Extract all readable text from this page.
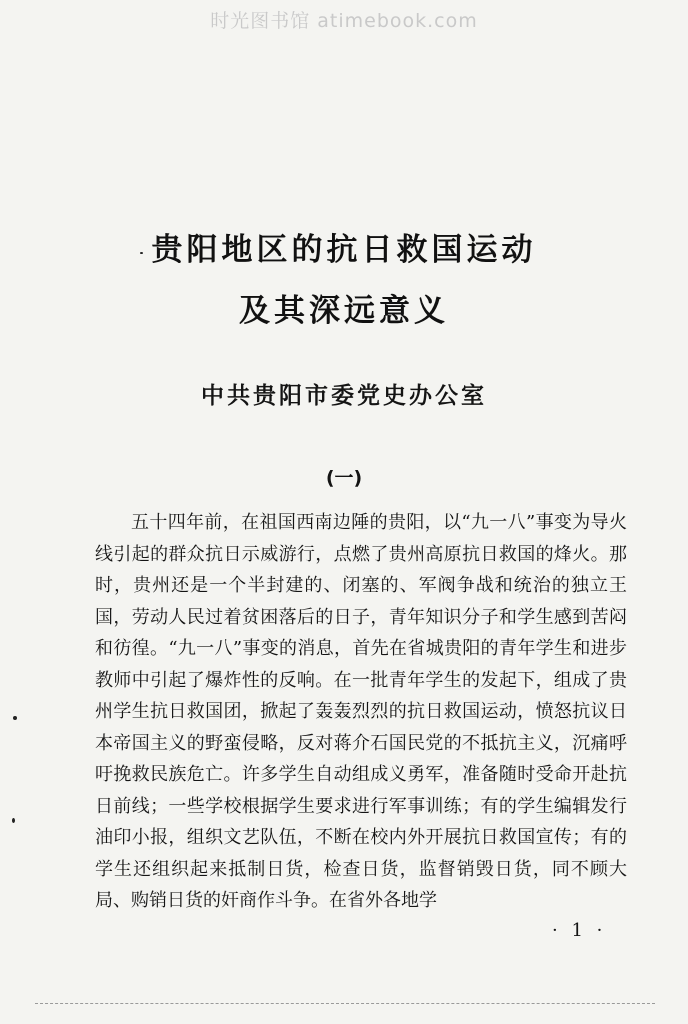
时光图书馆 atimebook.com
贵阳地区的抗日救国运动
及其深远意义
中共贵阳市委党史办公室
(一)

五十四年前，在祖国西南边陲的贵阳，以“九一八”事变为导火线引起的群众抗日示威游行，点燃了贵州高原抗日救国的烽火。那时，贵州还是一个半封建的、闭塞的、军阀争战和统治的独立王国，劳动人民过着贫困落后的日子，青年知识分子和学生感到苦闷和彷徨。“九一八”事变的消息，首先在省城贵阳的青年学生和进步教师中引起了爆炸性的反响。在一批青年学生的发起下，组成了贵州学生抗日救国团，掀起了轰轰烈烈的抗日救国运动，愤怒抗议日本帝国主义的野蛮侵略，反对蒋介石国民党的不抵抗主义，沉痛呼吁挽救民族危亡。许多学生自动组成义勇军，准备随时受命开赴抗日前线；一些学校根据学生要求进行军事训练；有的学生编辑发行油印小报，组织文艺队伍，不断在校内外开展抗日救国宣传；有的学生还组织起来抵制日货，检查日货，监督销毁日货，同不顾大局、购销日货的奸商作斗争。在省外各地学

· 1 ·
